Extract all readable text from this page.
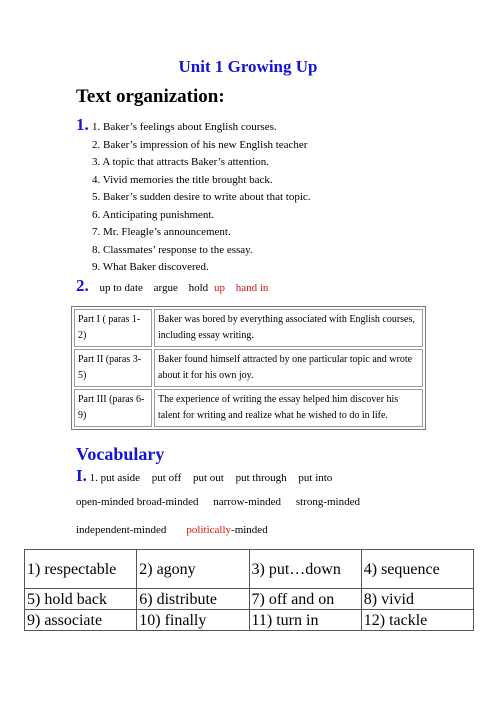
Unit 1 Growing Up
Text organization:
1. 1. Baker’s feelings about English courses.
2. Baker’s impression of his new English teacher
3. A topic that attracts Baker’s attention.
4. Vivid memories the title brought back.
5. Baker’s sudden desire to write about that topic.
6. Anticipating punishment.
7. Mr. Fleagle’s announcement.
8. Classmates’ response to the essay.
9. What Baker discovered.
2. up to date argue hold up hand in
Part I ( paras 1-2)	Baker was bored by everything associated with English courses, including essay writing.
Part II (paras 3-5)	Baker found himself attracted by one particular topic and wrote about it for his own joy.
Part III (paras 6-9)	The experience of writing the essay helped him discover his talent for writing and realize what he wished to do in life.
Vocabulary
I. 1. put aside put off put out put through put into
open-minded broad-minded narrow-minded strong-minded
independent-minded politically-minded
1) respectable	2) agony	3) put…down	4) sequence
5) hold back	6) distribute	7) off and on	8) vivid
9) associate	10) finally	11) turn in	12) tackle
